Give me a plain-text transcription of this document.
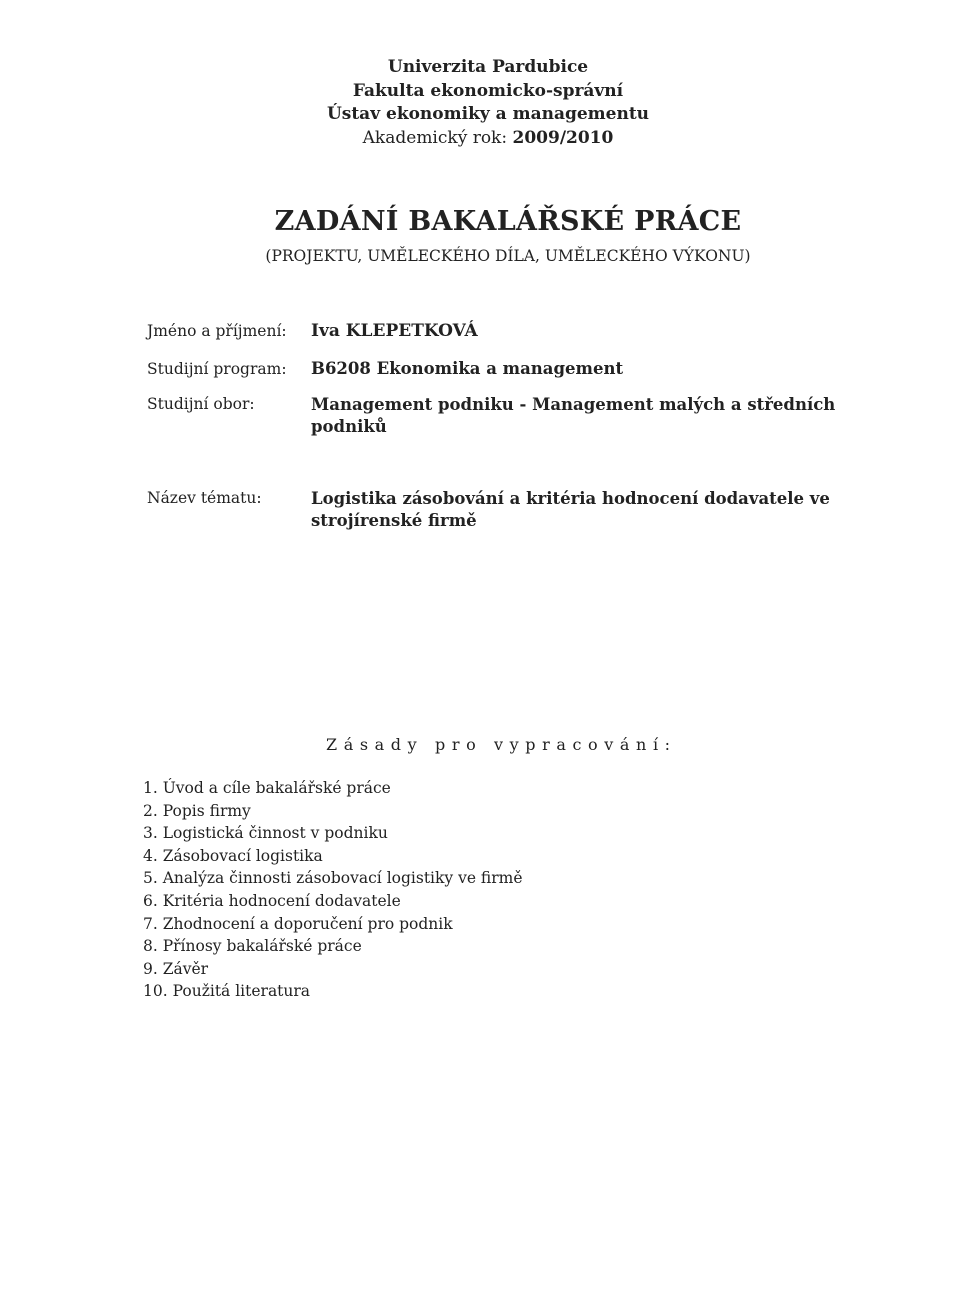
Univerzita Pardubice
Fakulta ekonomicko-správní
Ústav ekonomiky a managementu
Akademický rok: 2009/2010
ZADÁNÍ BAKALÁŘSKÉ PRÁCE
(PROJEKTU, UMĚLECKÉHO DÍLA, UMĚLECKÉHO VÝKONU)
Jméno a příjmení: Iva KLEPETKOVÁ
Studijní program: B6208 Ekonomika a management
Studijní obor:	Management podniku - Management malých a středních podniků
Název tématu:	Logistika zásobování a kritéria hodnocení dodavatele ve strojírenské firmě
Zásady pro vypracování:
1. Úvod a cíle bakalářské práce
2. Popis firmy
3. Logistická činnost v podniku
4. Zásobovací logistika
5. Analýza činnosti zásobovací logistiky ve firmě
6. Kritéria hodnocení dodavatele
7. Zhodnocení a doporučení pro podnik
8. Přínosy bakalářské práce
9. Závěr
10. Použitá literatura
